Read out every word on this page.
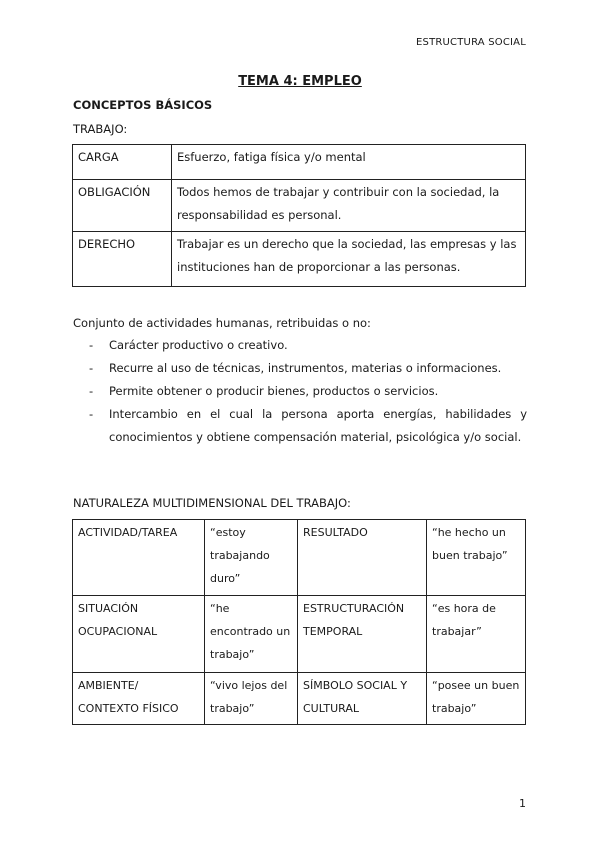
ESTRUCTURA SOCIAL
TEMA 4: EMPLEO
CONCEPTOS BÁSICOS
TRABAJO:
CARGA	Esfuerzo, fatiga física y/o mental
OBLIGACIÓN	Todos hemos de trabajar y contribuir con la sociedad, la responsabilidad es personal.
DERECHO	Trabajar es un derecho que la sociedad, las empresas y las instituciones han de proporcionar a las personas.
Conjunto de actividades humanas, retribuidas o no:
- Carácter productivo o creativo.
- Recurre al uso de técnicas, instrumentos, materias o informaciones.
- Permite obtener o producir bienes, productos o servicios.
- Intercambio en el cual la persona aporta energías, habilidades y conocimientos y obtiene compensación material, psicológica y/o social.
NATURALEZA MULTIDIMENSIONAL DEL TRABAJO:
ACTIVIDAD/TAREA	“estoy trabajando duro”	RESULTADO	“he hecho un buen trabajo”
SITUACIÓN OCUPACIONAL	“he encontrado un trabajo”	ESTRUCTURACIÓN TEMPORAL	“es hora de trabajar”
AMBIENTE/ CONTEXTO FÍSICO	“vivo lejos del trabajo”	SÍMBOLO SOCIAL Y CULTURAL	“posee un buen trabajo”
1
